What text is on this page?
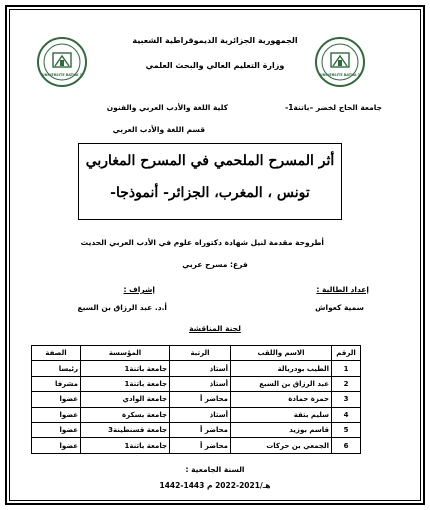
UNIVERSITE BATNA 1	UNIVERSITE BATNA 1
الجمهورية الجزائرية الديموقراطية الشعبية
وزارة التعليم العالي والبحث العلمي
جامعة الحاج لخضر –باتنة1-
كلية اللغة والأدب العربي والفنون
قسم اللغة والأدب العربي
أثر المسرح الملحمي في المسرح المغاربي
تونس ، المغرب، الجزائر- أنموذجا-
أطروحة مقدمة لنيل شهادة دكتوراه علوم في الأدب العربي الحديث
فرع: مسرح عربي
إعداد الطالبة :
سمية كعواش
إشراف :
أ.د. عبد الرزاق بن السبع
لجنة المناقشة
الرقم	الاسم واللقب	الرتبة	المؤسسة	الصفة
1	الطيب بودربالة	أستاذ	جامعة باتنة1	رئيسا
2	عبد الرزاق بن السبع	أستاذ	جامعة باتنة1	مشرفا
3	حمزة حمادة	محاضر أ	جامعة الوادي	عضوا
4	سليم بتقة	أستاذ	جامعة بسكرة	عضوا
5	قاسم بوزيد	محاضر أ	جامعة قسنطينة3	عضوا
6	الجمعي بن حركات	محاضر أ	جامعة باتنة1	عضوا
السنة الجامعية :
1442-1443 هـ/2021-2022 م
